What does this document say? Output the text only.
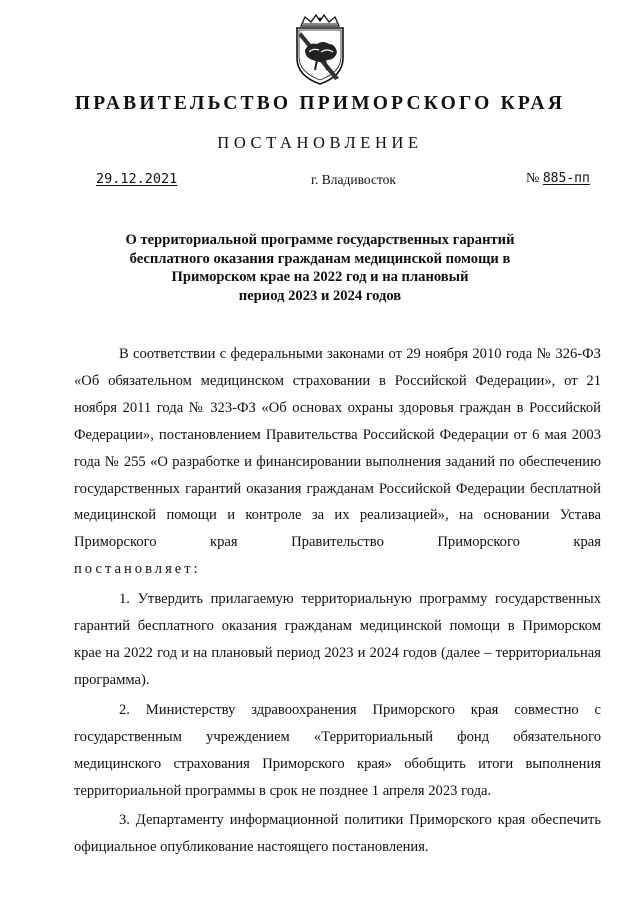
ПРАВИТЕЛЬСТВО ПРИМОРСКОГО КРАЯ
ПОСТАНОВЛЕНИЕ
29.12.2021	г. Владивосток	№ 885-пп
О территориальной программе государственных гарантий
бесплатного оказания гражданам медицинской помощи в
Приморском крае на 2022 год и на плановый
период 2023 и 2024 годов

В соответствии с федеральными законами от 29 ноября 2010 года № 326-ФЗ «Об обязательном медицинском страховании в Российской Федерации», от 21 ноября 2011 года № 323-ФЗ «Об основах охраны здоровья граждан в Российской Федерации», постановлением Правительства Российской Федерации от 6 мая 2003 года № 255 «О разработке и финансировании выполнения заданий по обеспечению государственных гарантий оказания гражданам Российской Федерации бесплатной медицинской помощи и контроле за их реализацией», на основании Устава Приморского края Правительство Приморского края

постановляет:

1. Утвердить прилагаемую территориальную программу государственных гарантий бесплатного оказания гражданам медицинской помощи в Приморском крае на 2022 год и на плановый период 2023 и 2024 годов (далее – территориальная программа).

2. Министерству здравоохранения Приморского края совместно с государственным учреждением «Территориальный фонд обязательного медицинского страхования Приморского края» обобщить итоги выполнения территориальной программы в срок не позднее 1 апреля 2023 года.

3. Департаменту информационной политики Приморского края обеспечить официальное опубликование настоящего постановления.
